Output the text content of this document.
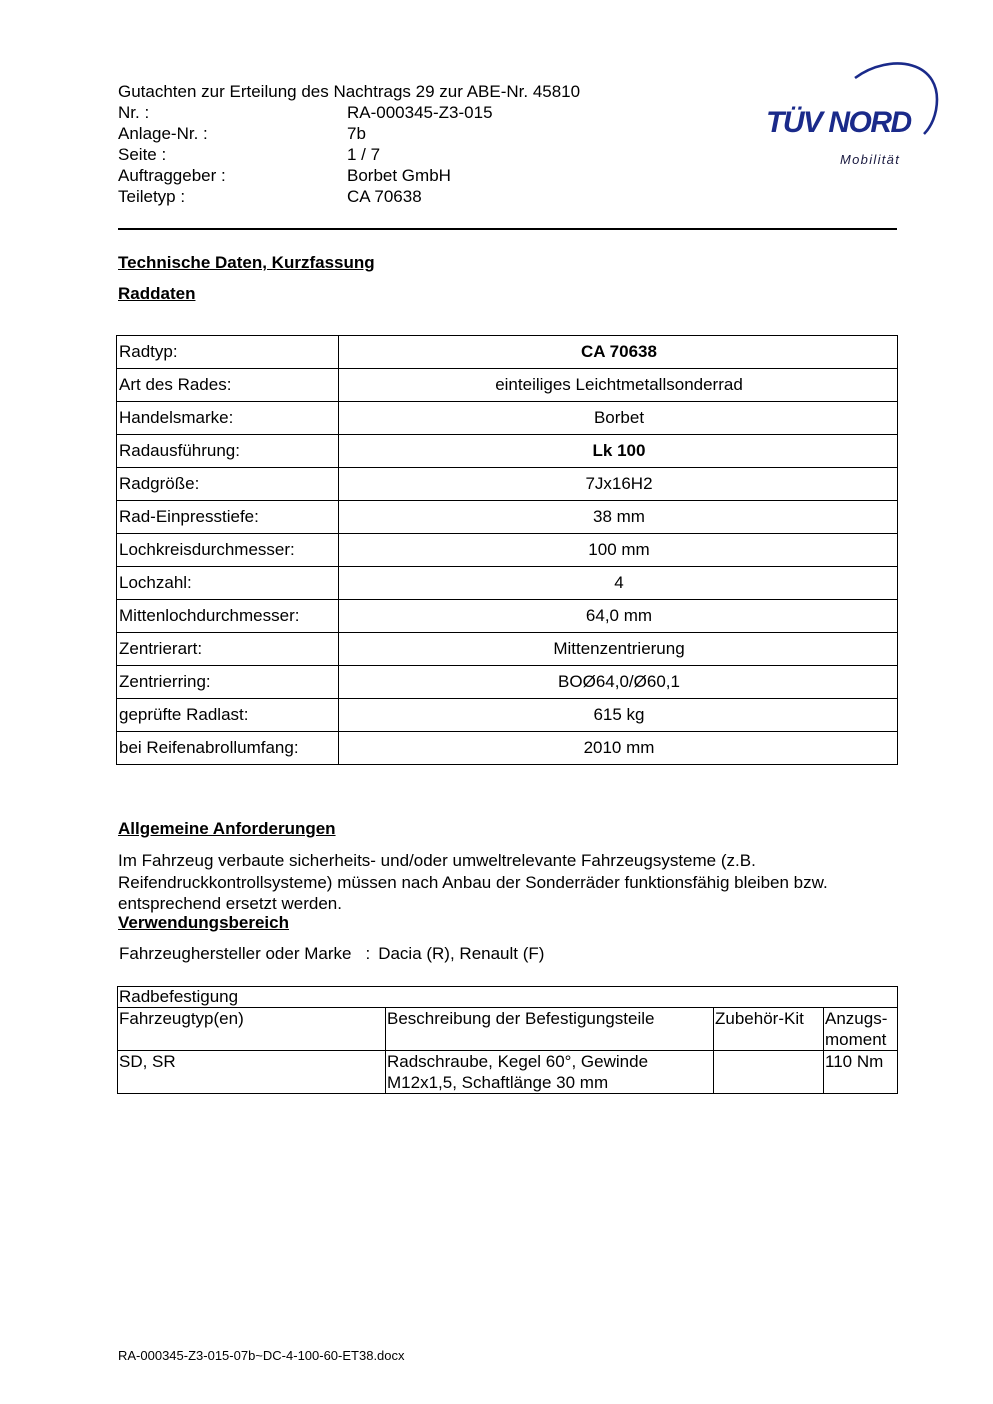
Gutachten zur Erteilung des Nachtrags 29 zur ABE-Nr. 45810
Nr. :	RA-000345-Z3-015
Anlage-Nr. :	7b
Seite :	1 / 7
Auftraggeber :	Borbet GmbH
Teiletyp :	CA 70638
TÜV NORD
Mobilität
Technische Daten, Kurzfassung
Raddaten
Radtyp:	CA 70638
Art des Rades:	einteiliges Leichtmetallsonderrad
Handelsmarke:	Borbet
Radausführung:	Lk 100
Radgröße:	7Jx16H2
Rad-Einpresstiefe:	38 mm
Lochkreisdurchmesser:	100 mm
Lochzahl:	4
Mittenlochdurchmesser:	64,0 mm
Zentrierart:	Mittenzentrierung
Zentrierring:	BOØ64,0/Ø60,1
geprüfte Radlast:	615 kg
bei Reifenabrollumfang:	2010 mm
Allgemeine Anforderungen
Im Fahrzeug verbaute sicherheits- und/oder umweltrelevante Fahrzeugsysteme (z.B.
Reifendruckkontrollsysteme) müssen nach Anbau der Sonderräder funktionsfähig bleiben bzw.
entsprechend ersetzt werden.
Verwendungsbereich
Fahrzeughersteller oder Marke : Dacia (R), Renault (F)
Radbefestigung			
Fahrzeugtyp(en)	Beschreibung der Befestigungsteile	Zubehör-Kit	Anzugs-
moment

SD, SR	Radschraube, Kegel 60°, Gewinde
M12x1,5, Schaftlänge 30 mm		110 Nm
RA-000345-Z3-015-07b~DC-4-100-60-ET38.docx
